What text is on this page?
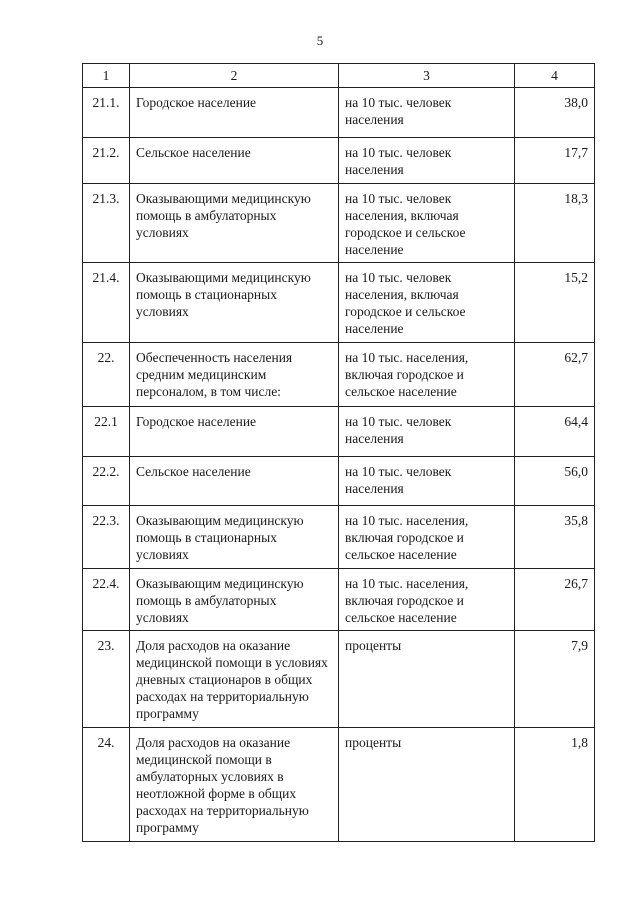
5
1	2	3	4
21.1.	Городское население	на 10 тыс. человек населения	38,0
21.2.	Сельское население	на 10 тыс. человек населения	17,7
21.3.	Оказывающими медицинскую помощь в амбулаторных условиях	на 10 тыс. человек населения, включая городское и сельское население	18,3
21.4.	Оказывающими медицинскую помощь в стационарных условиях	на 10 тыс. человек населения, включая городское и сельское население	15,2
22.	Обеспеченность населения средним медицинским персоналом, в том числе:	на 10 тыс. населения, включая городское и сельское население	62,7
22.1	Городское население	на 10 тыс. человек населения	64,4
22.2.	Сельское население	на 10 тыс. человек населения	56,0
22.3.	Оказывающим медицинскую помощь в стационарных условиях	на 10 тыс. населения, включая городское и сельское население	35,8
22.4.	Оказывающим медицинскую помощь в амбулаторных условиях	на 10 тыс. населения, включая городское и сельское население	26,7
23.	Доля расходов на оказание медицинской помощи в условиях дневных стационаров в общих расходах на территориальную программу	проценты	7,9
24.	Доля расходов на оказание медицинской помощи в амбулаторных условиях в неотложной форме в общих расходах на территориальную программу	проценты	1,8
